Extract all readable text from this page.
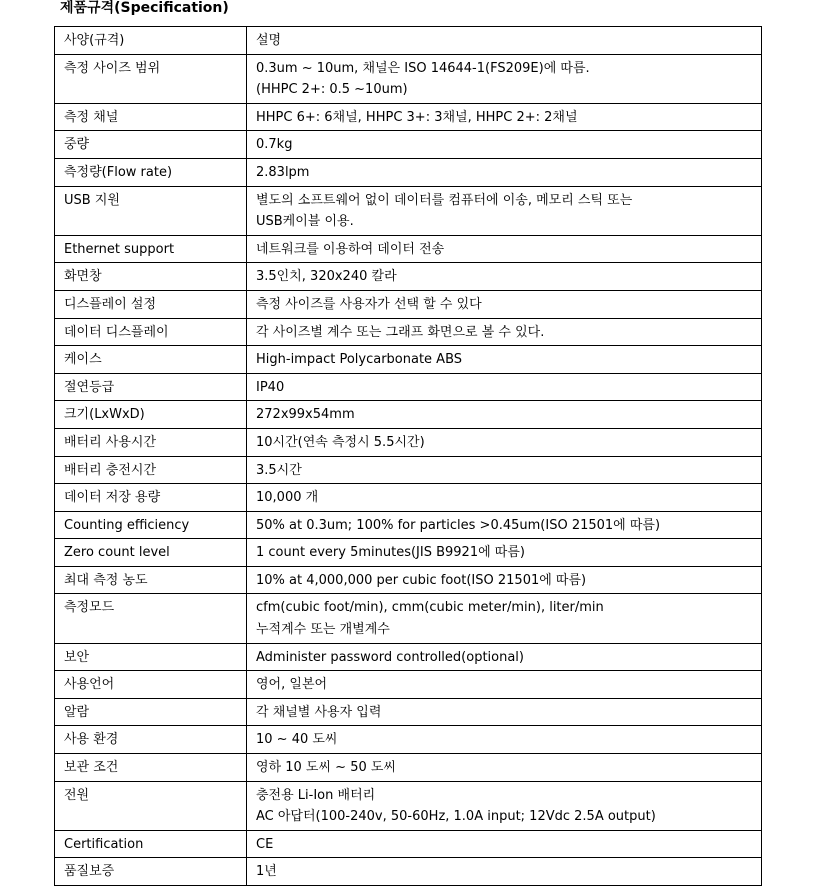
제품규격(Specification)
사양(규격)	설명

측정 사이즈 범위	0.3um ~ 10um, 채널은 ISO 14644-1(FS209E)에 따름.
(HHPC 2+: 0.5 ~10um)

측정 채널	HHPC 6+: 6채널, HHPC 3+: 3채널, HHPC 2+: 2채널

중량	0.7kg

측정량(Flow rate)	2.83lpm

USB 지원	별도의 소프트웨어 없이 데이터를 컴퓨터에 이송, 메모리 스틱 또는
USB케이블 이용.

Ethernet support	네트워크를 이용하여 데이터 전송

화면창	3.5인치, 320x240 칼라

디스플레이 설정	측정 사이즈를 사용자가 선택 할 수 있다

데이터 디스플레이	각 사이즈별 계수 또는 그래프 화면으로 볼 수 있다.

케이스	High-impact Polycarbonate ABS

절연등급	IP40

크기(LxWxD)	272x99x54mm

배터리 사용시간	10시간(연속 측정시 5.5시간)

배터리 충전시간	3.5시간

데이터 저장 용량	10,000 개

Counting efficiency	50% at 0.3um; 100% for particles >0.45um(ISO 21501에 따름)

Zero count level	1 count every 5minutes(JIS B9921에 따름)

최대 측정 농도	10% at 4,000,000 per cubic foot(ISO 21501에 따름)

측정모드	cfm(cubic foot/min), cmm(cubic meter/min), liter/min
누적계수 또는 개별계수

보안	Administer password controlled(optional)

사용언어	영어, 일본어

알람	각 채널별 사용자 입력

사용 환경	10 ~ 40 도씨

보관 조건	영하 10 도씨 ~ 50 도씨

전원	충전용 Li-Ion 배터리
AC 아답터(100-240v, 50-60Hz, 1.0A input; 12Vdc 2.5A output)

Certification	CE

품질보증	1년
